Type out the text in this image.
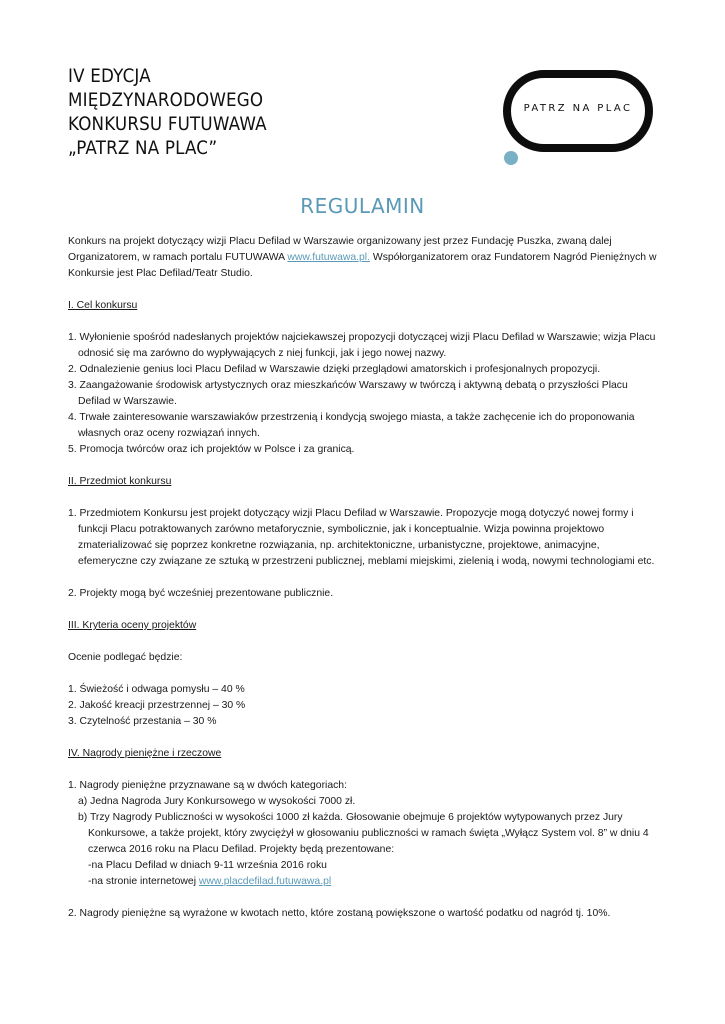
IV EDYCJA
MIĘDZYNARODOWEGO
KONKURSU FUTUWAWA
„PATRZ NA PLAC”
PATRZ NA PLAC
REGULAMIN

Konkurs na projekt dotyczący wizji Placu Defilad w Warszawie organizowany jest przez Fundację Puszka, zwaną dalej Organizatorem, w ramach portalu FUTUWAWA www.futuwawa.pl. Współorganizatorem oraz Fundatorem Nagród Pieniężnych w Konkursie jest Plac Defilad/Teatr Studio.

I. Cel konkursu

1. Wyłonienie spośród nadesłanych projektów najciekawszej propozycji dotyczącej wizji Placu Defilad w Warszawie; wizja Placu odnosić się ma zarówno do wypływających z niej funkcji, jak i jego nowej nazwy.

2. Odnalezienie genius loci Placu Defilad w Warszawie dzięki przeglądowi amatorskich i profesjonalnych propozycji.

3. Zaangażowanie środowisk artystycznych oraz mieszkańców Warszawy w twórczą i aktywną debatą o przyszłości Placu Defilad w Warszawie.

4. Trwałe zainteresowanie warszawiaków przestrzenią i kondycją swojego miasta, a także zachęcenie ich do proponowania własnych oraz oceny rozwiązań innych.

5. Promocja twórców oraz ich projektów w Polsce i za granicą.

II. Przedmiot konkursu

1. Przedmiotem Konkursu jest projekt dotyczący wizji Placu Defilad w Warszawie. Propozycje mogą dotyczyć nowej formy i funkcji Placu potraktowanych zarówno metaforycznie, symbolicznie, jak i konceptualnie. Wizja powinna projektowo zmaterializować się poprzez konkretne rozwiązania, np. architektoniczne, urbanistyczne, projektowe, animacyjne, efemeryczne czy związane ze sztuką w przestrzeni publicznej, meblami miejskimi, zielenią i wodą, nowymi technologiami etc.

2. Projekty mogą być wcześniej prezentowane publicznie.

III. Kryteria oceny projektów

Ocenie podlegać będzie:

1. Świeżość i odwaga pomysłu – 40 %

2. Jakość kreacji przestrzennej – 30 %

3. Czytelność przestania – 30 %

IV. Nagrody pieniężne i rzeczowe

1. Nagrody pieniężne przyznawane są w dwóch kategoriach:

a) Jedna Nagroda Jury Konkursowego w wysokości 7000 zł.

b) Trzy Nagrody Publiczności w wysokości 1000 zł każda. Głosowanie obejmuje 6 projektów wytypowanych przez Jury Konkursowe, a także projekt, który zwyciężył w głosowaniu publiczności w ramach święta „Wyłącz System vol. 8” w dniu 4 czerwca 2016 roku na Placu Defilad. Projekty będą prezentowane:

-na Placu Defilad w dniach 9-11 września 2016 roku

-na stronie internetowej www.placdefilad.futuwawa.pl

2. Nagrody pieniężne są wyrażone w kwotach netto, które zostaną powiększone o wartość podatku od nagród tj. 10%.
